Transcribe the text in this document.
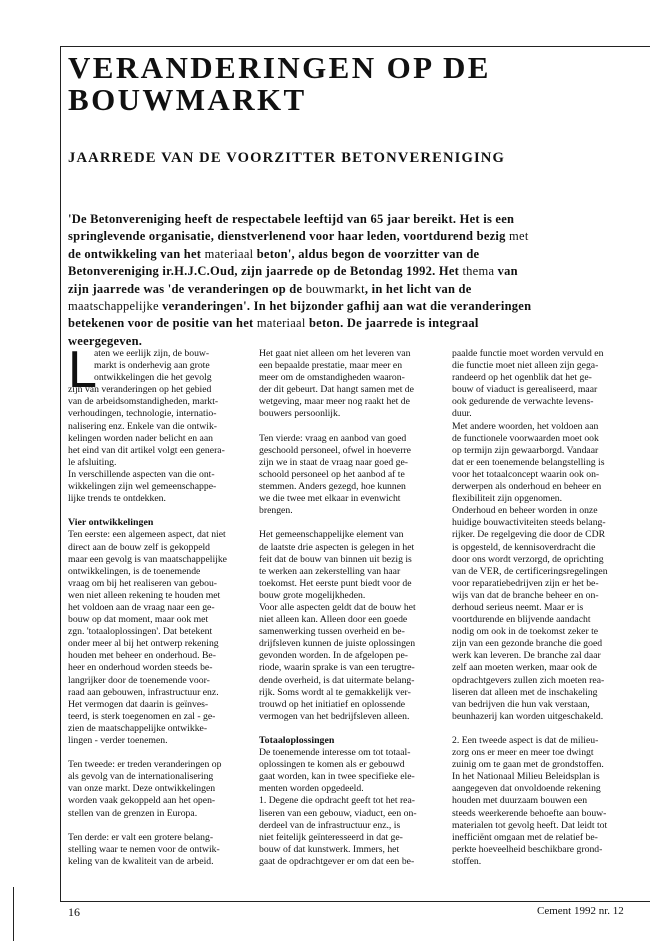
VERANDERINGEN OP DE
BOUWMARKT
JAARREDE VAN DE VOORZITTER BETONVERENIGING
'De Betonvereniging heeft de respectabele leeftijd van 65 jaar bereikt. Het is een
springlevende organisatie, dienstverlenend voor haar leden, voortdurend bezig met
de ontwikkeling van het materiaal beton', aldus begon de voorzitter van de
Betonvereniging ir.H.J.C.Oud, zijn jaarrede op de Betondag 1992. Het thema van
zijn jaarrede was 'de veranderingen op de bouwmarkt, in het licht van de
maatschappelijke veranderingen'. In het bijzonder gafhij aan wat die veranderingen
betekenen voor de positie van het materiaal beton. De jaarrede is integraal
weergegeven.
L
aten we eerlijk zijn, de bouw-
markt is onderhevig aan grote
ontwikkelingen die het gevolg
zijn van veranderingen op het gebied
van de arbeidsomstandigheden, markt-
verhoudingen, technologie, internatio-
nalisering enz. Enkele van die ontwik-
kelingen worden nader belicht en aan
het eind van dit artikel volgt een genera-
le afsluiting.
In verschillende aspecten van die ont-
wikkelingen zijn wel gemeenschappe-
lijke trends te ontdekken.
Vier ontwikkelingen
Ten eerste: een algemeen aspect, dat niet
direct aan de bouw zelf is gekoppeld
maar een gevolg is van maatschappelijke
ontwikkelingen, is de toenemende
vraag om bij het realiseren van gebou-
wen niet alleen rekening te houden met
het voldoen aan de vraag naar een ge-
bouw op dat moment, maar ook met
zgn. 'totaaloplossingen'. Dat betekent
onder meer al bij het ontwerp rekening
houden met beheer en onderhoud. Be-
heer en onderhoud worden steeds be-
langrijker door de toenemende voor-
raad aan gebouwen, infrastructuur enz.
Het vermogen dat daarin is geïnves-
teerd, is sterk toegenomen en zal - ge-
zien de maatschappelijke ontwikke-
lingen - verder toenemen.
Ten tweede: er treden veranderingen op
als gevolg van de internationalisering
van onze markt. Deze ontwikkelingen
worden vaak gekoppeld aan het open-
stellen van de grenzen in Europa.
Ten derde: er valt een grotere belang-
stelling waar te nemen voor de ontwik-
keling van de kwaliteit van de arbeid.
Het gaat niet alleen om het leveren van
een bepaalde prestatie, maar meer en
meer om de omstandigheden waaron-
der dit gebeurt. Dat hangt samen met de
wetgeving, maar meer nog raakt het de
bouwers persoonlijk.
Ten vierde: vraag en aanbod van goed
geschoold personeel, ofwel in hoeverre
zijn we in staat de vraag naar goed ge-
schoold personeel op het aanbod af te
stemmen. Anders gezegd, hoe kunnen
we die twee met elkaar in evenwicht
brengen.
Het gemeenschappelijke element van
de laatste drie aspecten is gelegen in het
feit dat de bouw van binnen uit bezig is
te werken aan zekerstelling van haar
toekomst. Het eerste punt biedt voor de
bouw grote mogelijkheden.
Voor alle aspecten geldt dat de bouw het
niet alleen kan. Alleen door een goede
samenwerking tussen overheid en be-
drijfsleven kunnen de juiste oplossingen
gevonden worden. In de afgelopen pe-
riode, waarin sprake is van een terugtre-
dende overheid, is dat uitermate belang-
rijk. Soms wordt al te gemakkelijk ver-
trouwd op het initiatief en oplossende
vermogen van het bedrijfsleven alleen.
Totaaloplossingen
De toenemende interesse om tot totaal-
oplossingen te komen als er gebouwd
gaat worden, kan in twee specifieke ele-
menten worden opgedeeld.
1. Degene die opdracht geeft tot het rea-
liseren van een gebouw, viaduct, een on-
derdeel van de infrastructuur enz., is
niet feitelijk geïnteresseerd in dat ge-
bouw of dat kunstwerk. Immers, het
gaat de opdrachtgever er om dat een be-
paalde functie moet worden vervuld en
die functie moet niet alleen zijn gega-
randeerd op het ogenblik dat het ge-
bouw of viaduct is gerealiseerd, maar
ook gedurende de verwachte levens-
duur.
Met andere woorden, het voldoen aan
de functionele voorwaarden moet ook
op termijn zijn gewaarborgd. Vandaar
dat er een toenemende belangstelling is
voor het totaalconcept waarin ook on-
derwerpen als onderhoud en beheer en
flexibiliteit zijn opgenomen.
Onderhoud en beheer worden in onze
huidige bouwactiviteiten steeds belang-
rijker. De regelgeving die door de CDR
is opgesteld, de kennisoverdracht die
door ons wordt verzorgd, de oprichting
van de VER, de certificeringsregelingen
voor reparatiebedrijven zijn er het be-
wijs van dat de branche beheer en on-
derhoud serieus neemt. Maar er is
voortdurende en blijvende aandacht
nodig om ook in de toekomst zeker te
zijn van een gezonde branche die goed
werk kan leveren. De branche zal daar
zelf aan moeten werken, maar ook de
opdrachtgevers zullen zich moeten rea-
liseren dat alleen met de inschakeling
van bedrijven die hun vak verstaan,
beunhazerij kan worden uitgeschakeld.
2. Een tweede aspect is dat de milieu-
zorg ons er meer en meer toe dwingt
zuinig om te gaan met de grondstoffen.
In het Nationaal Milieu Beleidsplan is
aangegeven dat onvoldoende rekening
houden met duurzaam bouwen een
steeds weerkerende behoefte aan bouw-
materialen tot gevolg heeft. Dat leidt tot
inefficiënt omgaan met de relatief be-
perkte hoeveelheid beschikbare grond-
stoffen.
16	Cement 1992 nr. 12
